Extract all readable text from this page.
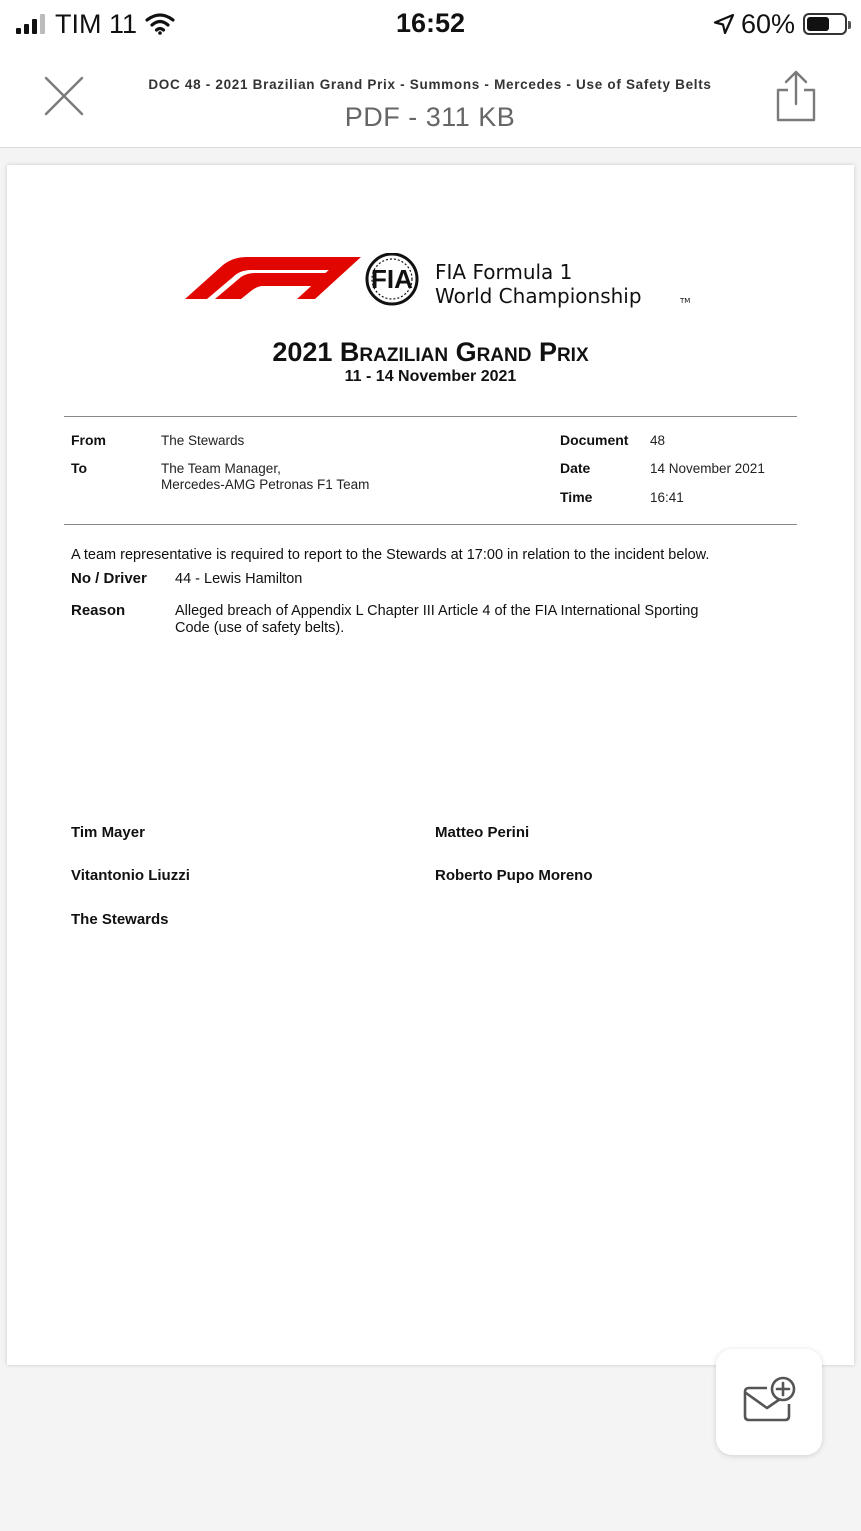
TIM 11	16:52	60%
DOC 48 - 2021 Brazilian Grand Prix - Summons - Mercedes - Use of Safety Belts
PDF - 311 KB
FIA FIA Formula 1
World Championship	TM
2021 Brazilian Grand Prix
11 - 14 November 2021
From	The Stewards
To	The Team Manager,
Mercedes-AMG Petronas F1 Team
Document 48
Date	14 November 2021
Time	16:41
A team representative is required to report to the Stewards at 17:00 in relation to the incident below.
No / Driver 44 - Lewis Hamilton
Reason	Alleged breach of Appendix L Chapter III Article 4 of the FIA International Sporting
Code (use of safety belts).
Tim Mayer	Matteo Perini
Vitantonio Liuzzi	Roberto Pupo Moreno
The Stewards
